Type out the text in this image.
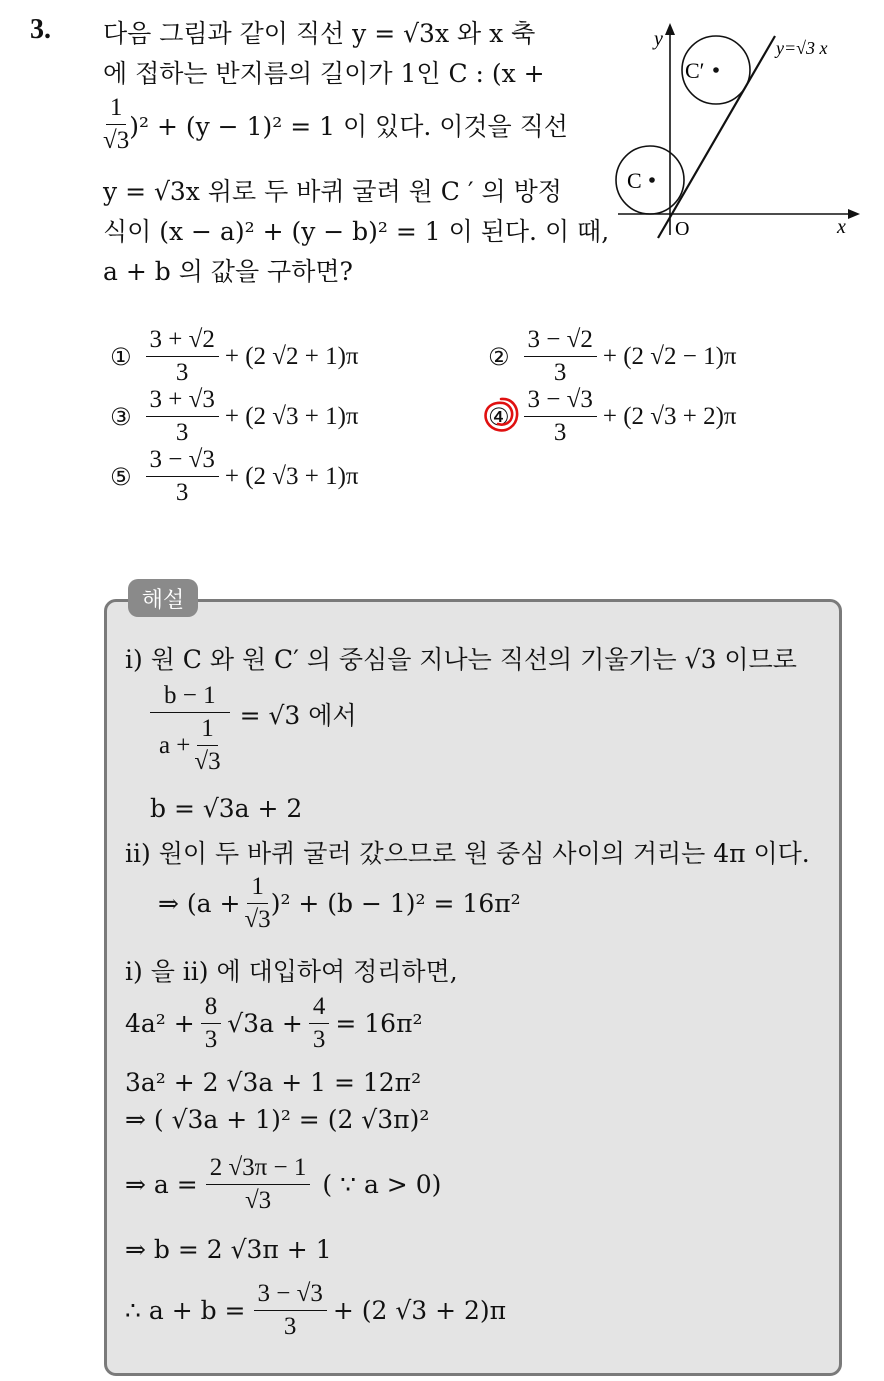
3. 다음 그림과 같이 직선 y = √3x 와 x 축
에 접하는 반지름의 길이가 1인 C : (x +
$\frac{1}{√3} )^2 + (y - 1)^2 = 1$ 이 있다. 이것을 직선
y = √3x 위로 두 바퀴 굴려 원 C ′ 의 방정
식이 (x − a)² + (y − b)² = 1 이 된다. 이 때,
a + b 의 값을 구하면?
C
C′
y
x
O
y=√3 x
① $\frac{3 + √2}{3} + (2$ √2 + 1)π	② $\frac{3 - √2}{3} + (2$ √2 − 1)π
③ $\frac{3 + √3}{3} + (2$ √3 + 1)π	④ $\frac{3 - √3}{3} + (2$ √3 + 2)π
⑤ $\frac{3 - √3}{3} + (2$ √3 + 1)π
해설
i) 원 C 와 원 C′ 의 중심을 지나는 직선의 기울기는 √3 이므로
$\frac{b - 1}{a + \frac{1}{√3}} = √3$ 에서
b = √3a + 2
ii) 원이 두 바퀴 굴러 갔으므로 원 중심 사이의 거리는 4π 이다.
⇒ $(a + \frac{1}{√3} )^2 + (b - 1)^2 = 16\pi^2$
i) 을 ii) 에 대입하여 정리하면,
$4a^2 + \frac{8}{3} √3a + \frac{4}{3} = 16\pi^2$
3a² + 2 √3a + 1 = 12π²
⇒ ( √3a + 1)² = (2 √3π)²
⇒ $a = \frac{2 √3\pi - 1}{√3}$ ( ∵ a > 0)
⇒ b = 2 √3π + 1
∴ $a + b = \frac{3 - √3}{3} + (2$ √3 + 2)π
